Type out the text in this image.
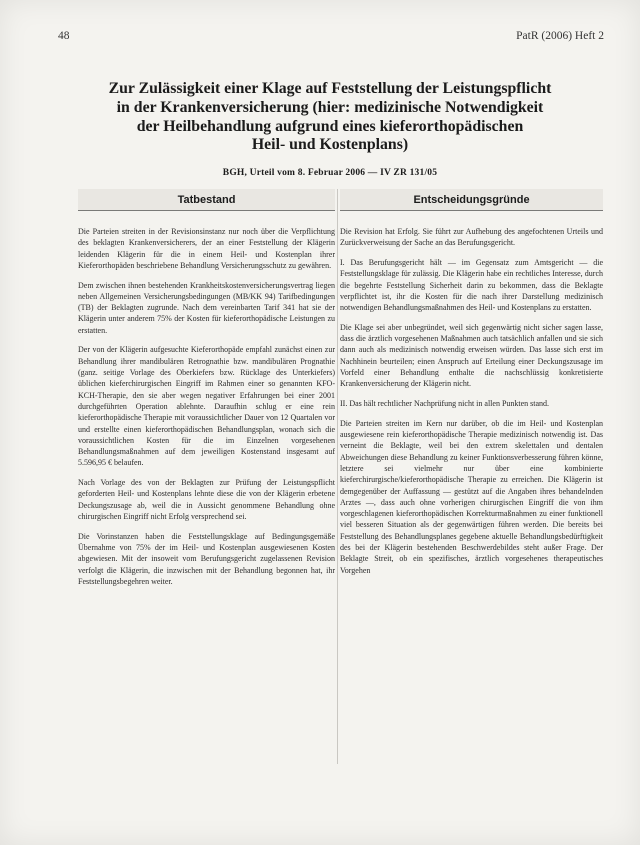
48	PatR (2006) Heft 2
Zur Zulässigkeit einer Klage auf Feststellung der Leistungspflicht
in der Krankenversicherung (hier: medizinische Notwendigkeit
der Heilbehandlung aufgrund eines kieferorthopädischen
Heil- und Kostenplans)
BGH, Urteil vom 8. Februar 2006 — IV ZR 131/05
Tatbestand	Entscheidungsgründe

Die Parteien streiten in der Revisionsinstanz nur noch über die Verpflichtung des beklagten Krankenversicherers, der an einer Feststellung der Klägerin leidenden Klägerin für die in einem Heil- und Kostenplan ihrer Kieferorthopäden beschriebene Behandlung Versicherungsschutz zu gewähren.

Dem zwischen ihnen bestehenden Krankheitskostenversicherungsvertrag liegen neben Allgemeinen Versicherungsbedingungen (MB/KK 94) Tarifbedingungen (TB) der Beklagten zugrunde. Nach dem vereinbarten Tarif 341 hat sie der Klägerin unter anderem 75% der Kosten für kieferorthopädische Leistungen zu erstatten.

Der von der Klägerin aufgesuchte Kieferorthopäde empfahl zunächst einen zur Behandlung ihrer mandibulären Retrognathie bzw. mandibulären Prognathie (ganz. seitige Vorlage des Oberkiefers bzw. Rücklage des Unterkiefers) üblichen kieferchirurgischen Eingriff im Rahmen einer so genannten KFO-KCH-Therapie, den sie aber wegen negativer Erfahrungen bei einer 2001 durchgeführten Operation ablehnte. Daraufhin schlug er eine rein kieferorthopädische Therapie mit voraussichtlicher Dauer von 12 Quartalen vor und erstellte einen kieferorthopädischen Behandlungsplan, wonach sich die voraussichtlichen Kosten für die im Einzelnen vorgesehenen Behandlungsmaßnahmen auf dem jeweiligen Kostenstand insgesamt auf 5.596,95 € belaufen.

Nach Vorlage des von der Beklagten zur Prüfung der Leistungspflicht geforderten Heil- und Kostenplans lehnte diese die von der Klägerin erbetene Deckungszusage ab, weil die in Aussicht genommene Behandlung ohne chirurgischen Eingriff nicht Erfolg versprechend sei.

Die Vorinstanzen haben die Feststellungsklage auf Bedingungsgemäße Übernahme von 75% der im Heil- und Kostenplan ausgewiesenen Kosten abgewiesen. Mit der insoweit vom Berufungsgericht zugelassenen Revision verfolgt die Klägerin, die inzwischen mit der Behandlung begonnen hat, ihr Feststellungsbegehren weiter.

Die Revision hat Erfolg. Sie führt zur Aufhebung des angefochtenen Urteils und Zurückverweisung der Sache an das Berufungsgericht.

I. Das Berufungsgericht hält — im Gegensatz zum Amtsgericht — die Feststellungsklage für zulässig. Die Klägerin habe ein rechtliches Interesse, durch die begehrte Feststellung Sicherheit darin zu bekommen, dass die Beklagte verpflichtet ist, ihr die Kosten für die nach ihrer Darstellung medizinisch notwendigen Behandlungsmaßnahmen des Heil- und Kostenplans zu erstatten.

Die Klage sei aber unbegründet, weil sich gegenwärtig nicht sicher sagen lasse, dass die ärztlich vorgesehenen Maßnahmen auch tatsächlich anfallen und sie sich dann auch als medizinisch notwendig erweisen würden. Das lasse sich erst im Nachhinein beurteilen; einen Anspruch auf Erteilung einer Deckungszusage im Vorfeld einer Behandlung enthalte die nachschlüssig konkretisierte Krankenversicherung der Klägerin nicht.

II. Das hält rechtlicher Nachprüfung nicht in allen Punkten stand.

Die Parteien streiten im Kern nur darüber, ob die im Heil- und Kostenplan ausgewiesene rein kieferorthopädische Therapie medizinisch notwendig ist. Das verneint die Beklagte, weil bei den extrem skelettalen und dentalen Abweichungen diese Behandlung zu keiner Funktionsverbesserung führen könne, letztere sei vielmehr nur über eine kombinierte kieferchirurgische/kieferorthopädische Therapie zu erreichen. Die Klägerin ist demgegenüber der Auffassung — gestützt auf die Angaben ihres behandelnden Arztes —, dass auch ohne vorherigen chirurgischen Eingriff die von ihm vorgeschlagenen kieferorthopädischen Korrekturmaßnahmen zu einer funktionell viel besseren Situation als der gegenwärtigen führen werden. Die bereits bei Feststellung des Behandlungsplanes gegebene aktuelle Behandlungsbedürftigkeit des bei der Klägerin bestehenden Beschwerdebildes steht außer Frage. Der Beklagte Streit, ob ein spezifisches, ärztlich vorgesehenes therapeutisches Vorgehen
